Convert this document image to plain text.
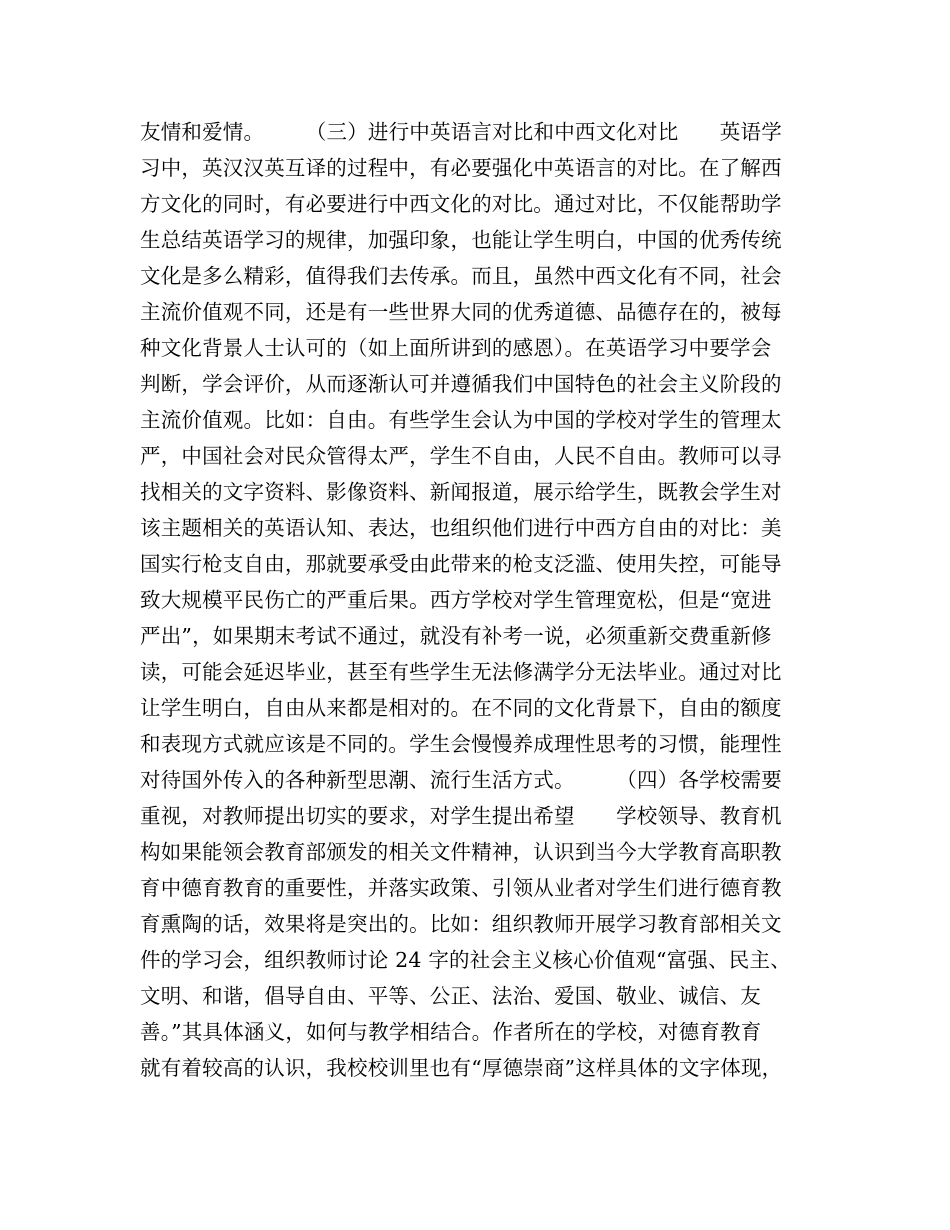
友情和爱情。　　　（三）进行中英语言对比和中西文化对比　　英语学
习中，英汉汉英互译的过程中，有必要强化中英语言的对比。在了解西
方文化的同时，有必要进行中西文化的对比。通过对比，不仅能帮助学
生总结英语学习的规律，加强印象，也能让学生明白，中国的优秀传统
文化是多么精彩，值得我们去传承。而且，虽然中西文化有不同，社会
主流价值观不同，还是有一些世界大同的优秀道德、品德存在的，被每
种文化背景人士认可的（如上面所讲到的感恩）。在英语学习中要学会
判断，学会评价，从而逐渐认可并遵循我们中国特色的社会主义阶段的
主流价值观。比如：自由。有些学生会认为中国的学校对学生的管理太
严，中国社会对民众管得太严，学生不自由，人民不自由。教师可以寻
找相关的文字资料、影像资料、新闻报道，展示给学生，既教会学生对
该主题相关的英语认知、表达，也组织他们进行中西方自由的对比：美
国实行枪支自由，那就要承受由此带来的枪支泛滥、使用失控，可能导
致大规模平民伤亡的严重后果。西方学校对学生管理宽松，但是“宽进
严出”，如果期末考试不通过，就没有补考一说，必须重新交费重新修
读，可能会延迟毕业，甚至有些学生无法修满学分无法毕业。通过对比
让学生明白，自由从来都是相对的。在不同的文化背景下，自由的额度
和表现方式就应该是不同的。学生会慢慢养成理性思考的习惯，能理性
对待国外传入的各种新型思潮、流行生活方式。　　　（四）各学校需要
重视，对教师提出切实的要求，对学生提出希望　　学校领导、教育机
构如果能领会教育部颁发的相关文件精神，认识到当今大学教育高职教
育中德育教育的重要性，并落实政策、引领从业者对学生们进行德育教
育熏陶的话，效果将是突出的。比如：组织教师开展学习教育部相关文
件的学习会，组织教师讨论 24 字的社会主义核心价值观“富强、民主、
文明、和谐，倡导自由、平等、公正、法治、爱国、敬业、诚信、友
善。”其具体涵义，如何与教学相结合。作者所在的学校，对德育教育
就有着较高的认识，我校校训里也有“厚德崇商”这样具体的文字体现，
